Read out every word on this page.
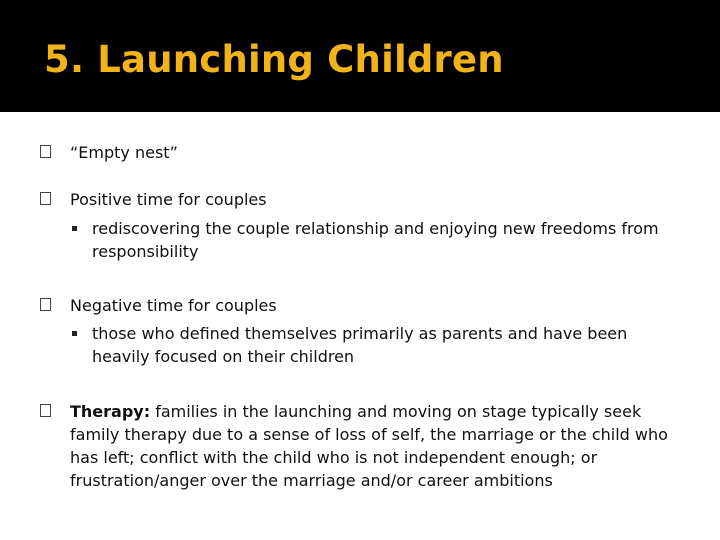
5. Launching Children
“Empty nest”
Positive time for couples
rediscovering the couple relationship and enjoying new freedoms from responsibility
Negative time for couples
those who defined themselves primarily as parents and have been heavily focused on their children
Therapy: families in the launching and moving on stage typically seek family therapy due to a sense of loss of self, the marriage or the child who has left; conflict with the child who is not independent enough; or frustration/anger over the marriage and/or career ambitions
